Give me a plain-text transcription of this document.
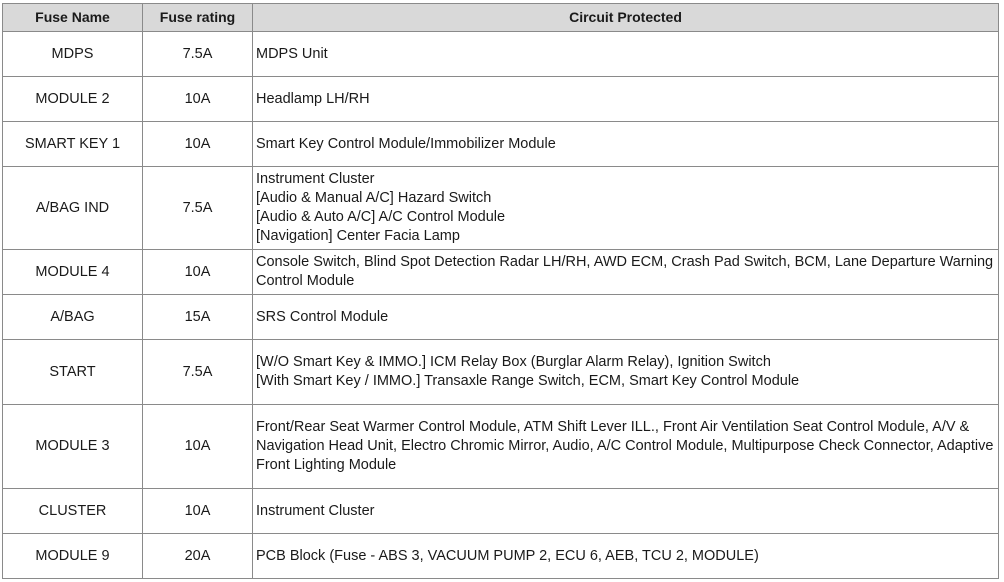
Fuse Name	Fuse rating	Circuit Protected
MDPS	7.5A	MDPS Unit

MODULE 2	10A	Headlamp LH/RH

SMART KEY 1	10A	Smart Key Control Module/Immobilizer Module

A/BAG IND	7.5A	Instrument Cluster
[Audio & Manual A/C] Hazard Switch
[Audio & Auto A/C] A/C Control Module
[Navigation] Center Facia Lamp

MODULE 4	10A	Console Switch, Blind Spot Detection Radar LH/RH, AWD ECM, Crash Pad Switch, BCM, Lane Departure Warning Control Module

A/BAG	15A	SRS Control Module

START	7.5A	[W/O Smart Key & IMMO.] ICM Relay Box (Burglar Alarm Relay), Ignition Switch
[With Smart Key / IMMO.] Transaxle Range Switch, ECM, Smart Key Control Module

MODULE 3	10A	Front/Rear Seat Warmer Control Module, ATM Shift Lever ILL., Front Air Ventilation Seat Control Module, A/V & Navigation Head Unit, Electro Chromic Mirror, Audio, A/C Control Module, Multipurpose Check Connector, Adaptive Front Lighting Module

CLUSTER	10A	Instrument Cluster

MODULE 9	20A	PCB Block (Fuse - ABS 3, VACUUM PUMP 2, ECU 6, AEB, TCU 2, MODULE)
